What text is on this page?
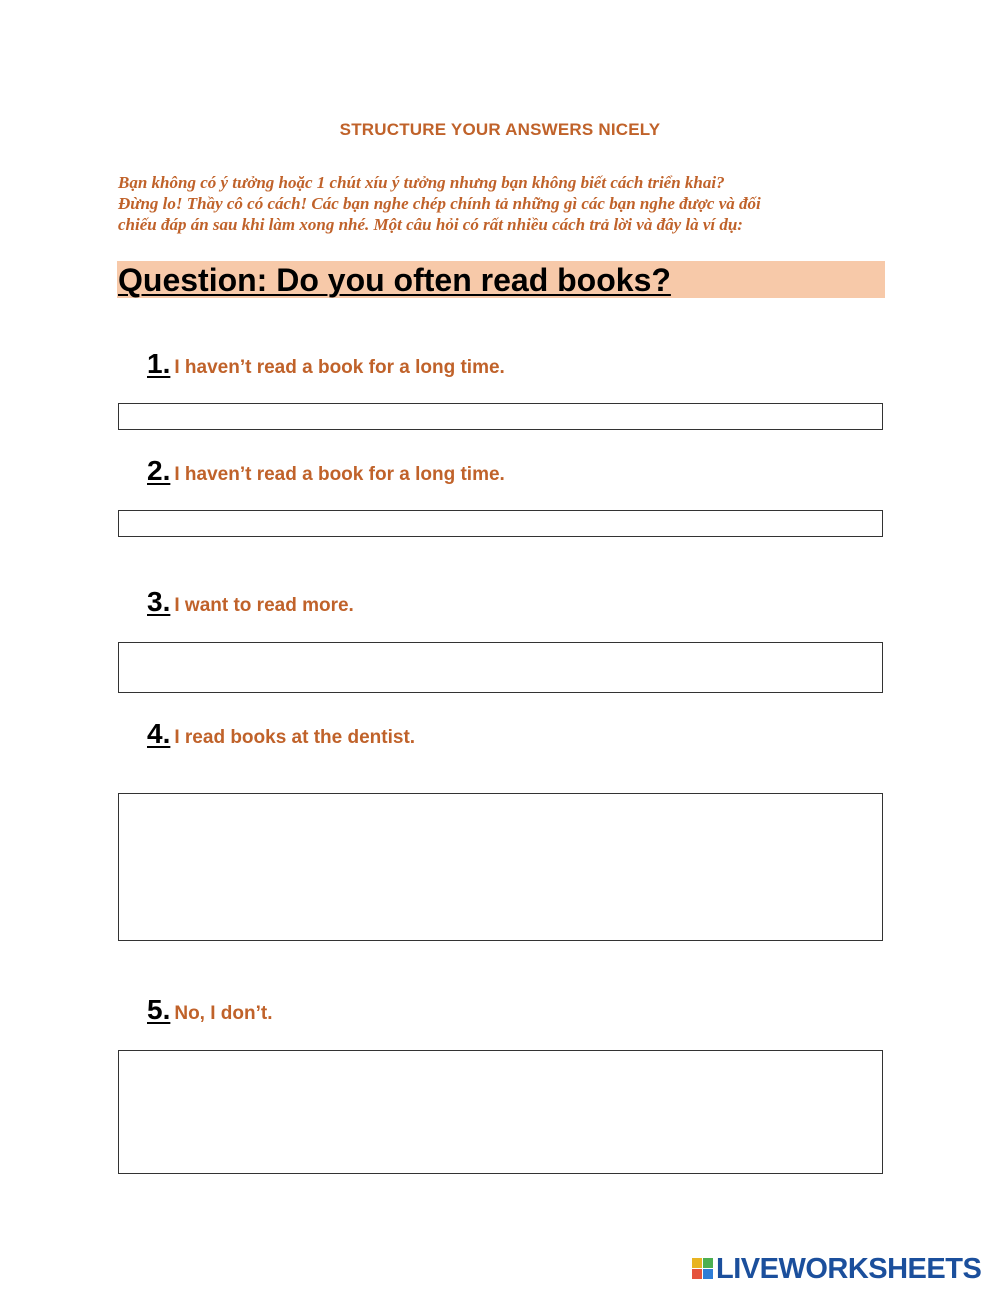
STRUCTURE YOUR ANSWERS NICELY
Bạn không có ý tưởng hoặc 1 chút xíu ý tưởng nhưng bạn không biết cách triển khai?
Đừng lo! Thầy cô có cách! Các bạn nghe chép chính tả những gì các bạn nghe được và đối
chiếu đáp án sau khi làm xong nhé. Một câu hỏi có rất nhiều cách trả lời và đây là ví dụ:
Question: Do you often read books?
1. I haven’t read a book for a long time.
2. I haven’t read a book for a long time.
3. I want to read more.
4. I read books at the dentist.
5. No, I don’t.
LIVEWORKSHEETS
